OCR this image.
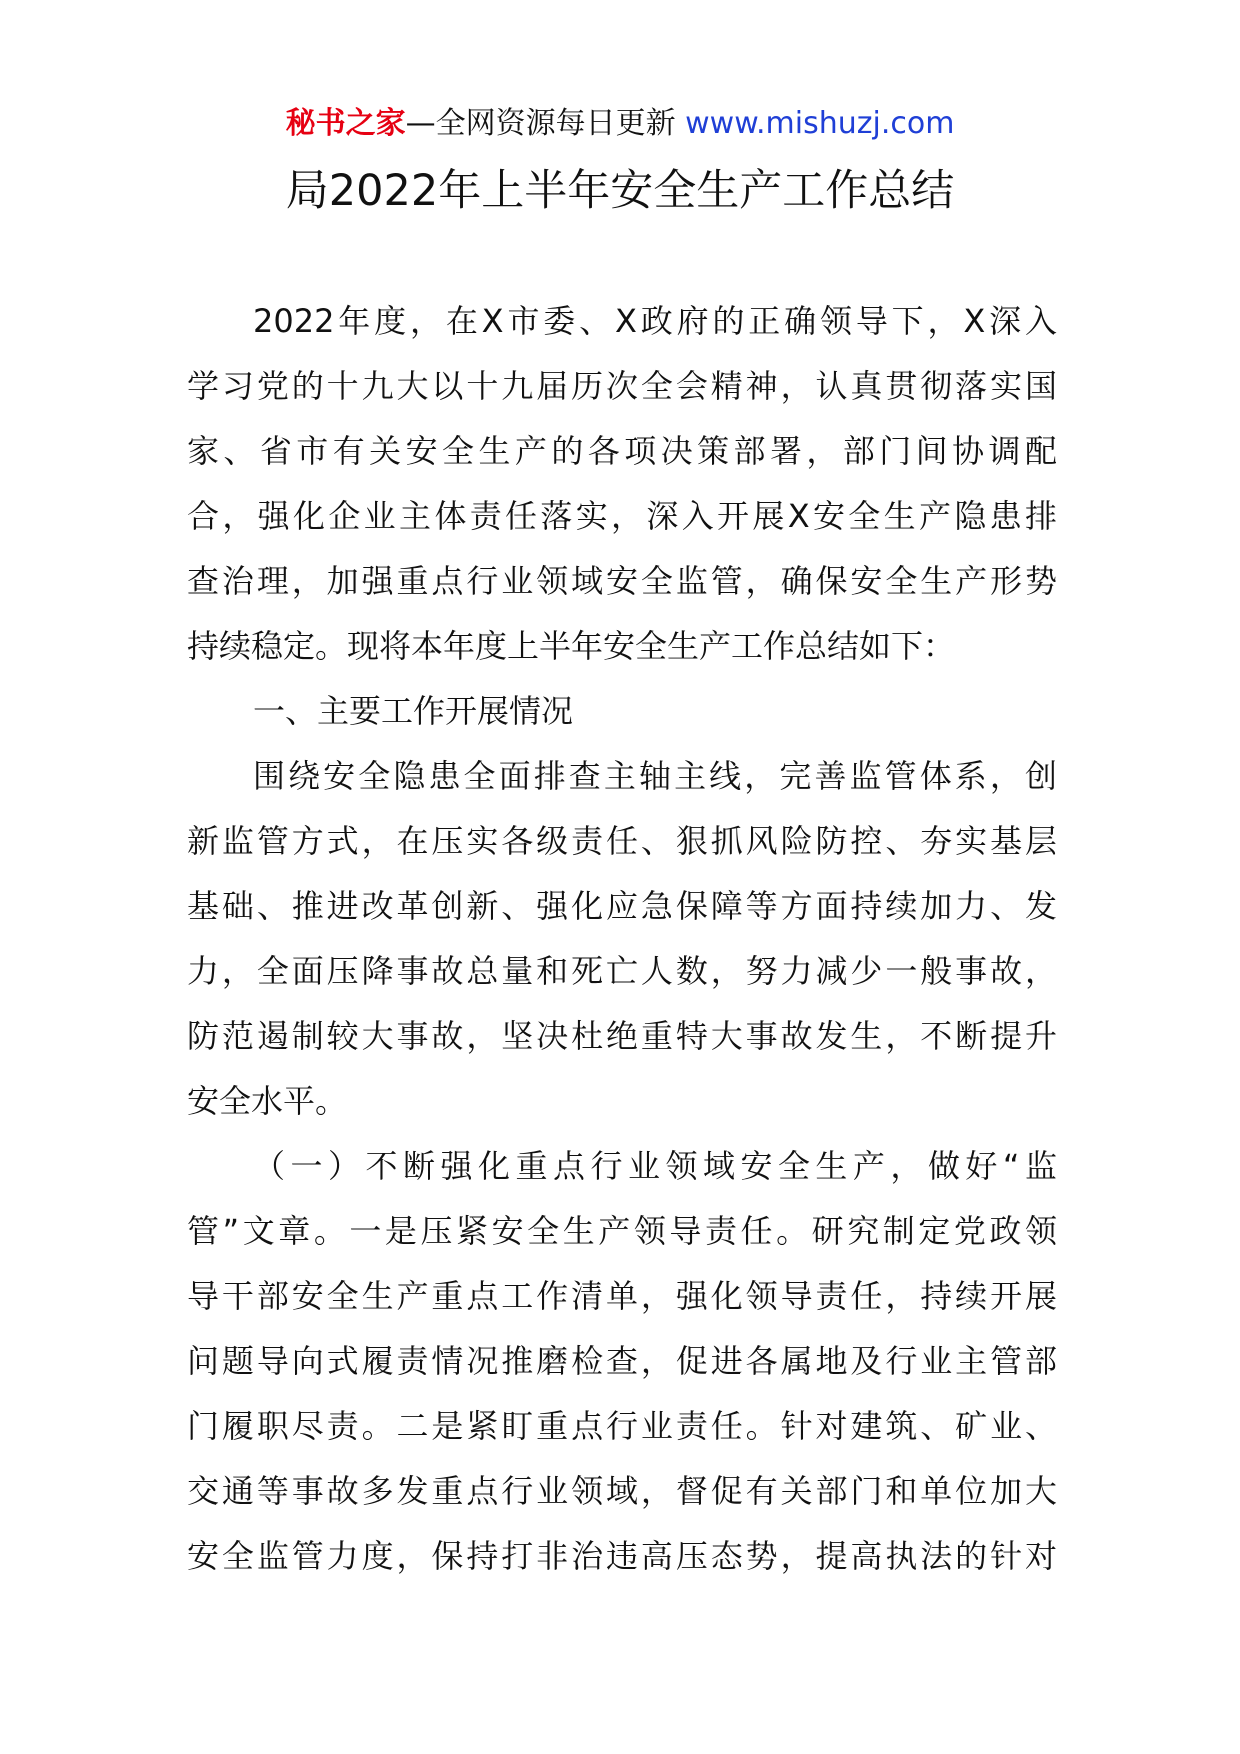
秘书之家—全网资源每日更新 www.mishuzj.com
局2022年上半年安全生产工作总结
2022年度，在X市委、X政府的正确领导下，X深入
学习党的十九大以十九届历次全会精神，认真贯彻落实国
家、省市有关安全生产的各项决策部署，部门间协调配
合，强化企业主体责任落实，深入开展X安全生产隐患排
查治理，加强重点行业领域安全监管，确保安全生产形势
持续稳定。现将本年度上半年安全生产工作总结如下：
一、主要工作开展情况
围绕安全隐患全面排查主轴主线，完善监管体系，创
新监管方式，在压实各级责任、狠抓风险防控、夯实基层
基础、推进改革创新、强化应急保障等方面持续加力、发
力，全面压降事故总量和死亡人数，努力减少一般事故，
防范遏制较大事故，坚决杜绝重特大事故发生，不断提升
安全水平。
（一）不断强化重点行业领域安全生产，做好“监
管”文章。一是压紧安全生产领导责任。研究制定党政领
导干部安全生产重点工作清单，强化领导责任，持续开展
问题导向式履责情况推磨检查，促进各属地及行业主管部
门履职尽责。二是紧盯重点行业责任。针对建筑、矿业、
交通等事故多发重点行业领域，督促有关部门和单位加大
安全监管力度，保持打非治违高压态势，提高执法的针对
